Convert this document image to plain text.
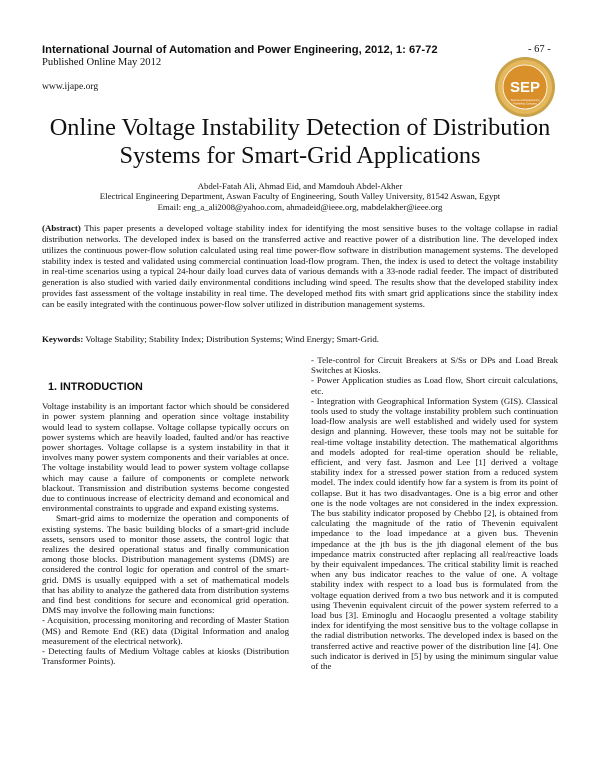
International Journal of Automation and Power Engineering, 2012, 1: 67-72
Published Online May 2012
www.ijape.org
- 67 -
SEP
Science and Engineering
Publishing Company
Online Voltage Instability Detection of Distribution
Systems for Smart-Grid Applications
Abdel-Fatah Ali, Ahmad Eid, and Mamdouh Abdel-Akher
Electrical Engineering Department, Aswan Faculty of Engineering, South Valley University, 81542 Aswan, Egypt
Email: eng_a_ali2008@yahoo.com, ahmadeid@ieee.org, mabdelakher@ieee.org
(Abstract) This paper presents a developed voltage stability index for identifying the most sensitive buses to the voltage collapse in radial distribution networks. The developed index is based on the transferred active and reactive power of a distribution line. The developed index utilizes the continuous power-flow solution calculated using real time power-flow software in distribution management systems. The developed stability index is tested and validated using commercial continuation load-flow program. Then, the index is used to detect the voltage instability in real-time scenarios using a typical 24-hour daily load curves data of various demands with a 33-node radial feeder. The impact of distributed generation is also studied with varied daily environmental conditions including wind speed. The results show that the developed stability index provides fast assessment of the voltage instability in real time. The developed method fits with smart grid applications since the stability index can be easily integrated with the continuous power-flow solver utilized in distribution management systems.
Keywords: Voltage Stability; Stability Index; Distribution Systems; Wind Energy; Smart-Grid.
1. INTRODUCTION

Voltage instability is an important factor which should be considered in power system planning and operation since voltage instability would lead to system collapse. Voltage collapse typically occurs on power systems which are heavily loaded, faulted and/or has reactive power shortages. Voltage collapse is a system instability in that it involves many power system components and their variables at once. The voltage instability would lead to power system voltage collapse which may cause a failure of components or complete network blackout. Transmission and distribution systems become congested due to continuous increase of electricity demand and economical and environmental constraints to upgrade and expand existing systems.

Smart-grid aims to modernize the operation and components of existing systems. The basic building blocks of a smart-grid include assets, sensors used to monitor those assets, the control logic that realizes the desired operational status and finally communication among those blocks. Distribution management systems (DMS) are considered the control logic for operation and control of the smart-grid. DMS is usually equipped with a set of mathematical models that has ability to analyze the gathered data from distribution systems and find best conditions for secure and economical grid operation. DMS may involve the following main functions:

- Acquisition, processing monitoring and recording of Master Station (MS) and Remote End (RE) data (Digital Information and analog measurement of the electrical network).

- Detecting faults of Medium Voltage cables at kiosks (Distribution Transformer Points).

- Tele-control for Circuit Breakers at S/Ss or DPs and Load Break Switches at Kiosks.

- Power Application studies as Load flow, Short circuit calculations, etc.

- Integration with Geographical Information System (GIS). Classical tools used to study the voltage instability problem such continuation load-flow analysis are well established and widely used for system design and planning. However, these tools may not be suitable for real-time voltage instability detection. The mathematical algorithms and models adopted for real-time operation should be reliable, efficient, and very fast. Jasmon and Lee [1] derived a voltage stability index for a stressed power station from a reduced system model. The index could identify how far a system is from its point of collapse. But it has two disadvantages. One is a big error and other one is the node voltages are not considered in the index expression. The bus stability indicator proposed by Chebbo [2], is obtained from calculating the magnitude of the ratio of Thevenin equivalent impedance to the load impedance at a given bus. Thevenin impedance at the jth bus is the jth diagonal element of the bus impedance matrix constructed after replacing all real/reactive loads by their equivalent impedances. The critical stability limit is reached when any bus indicator reaches to the value of one. A voltage stability index with respect to a load bus is formulated from the voltage equation derived from a two bus network and it is computed using Thevenin equivalent circuit of the power system referred to a load bus [3]. Eminoglu and Hocaoglu presented a voltage stability index for identifying the most sensitive bus to the voltage collapse in the radial distribution networks. The developed index is based on the transferred active and reactive power of the distribution line [4]. One such indicator is derived in [5] by using the minimum singular value of the
